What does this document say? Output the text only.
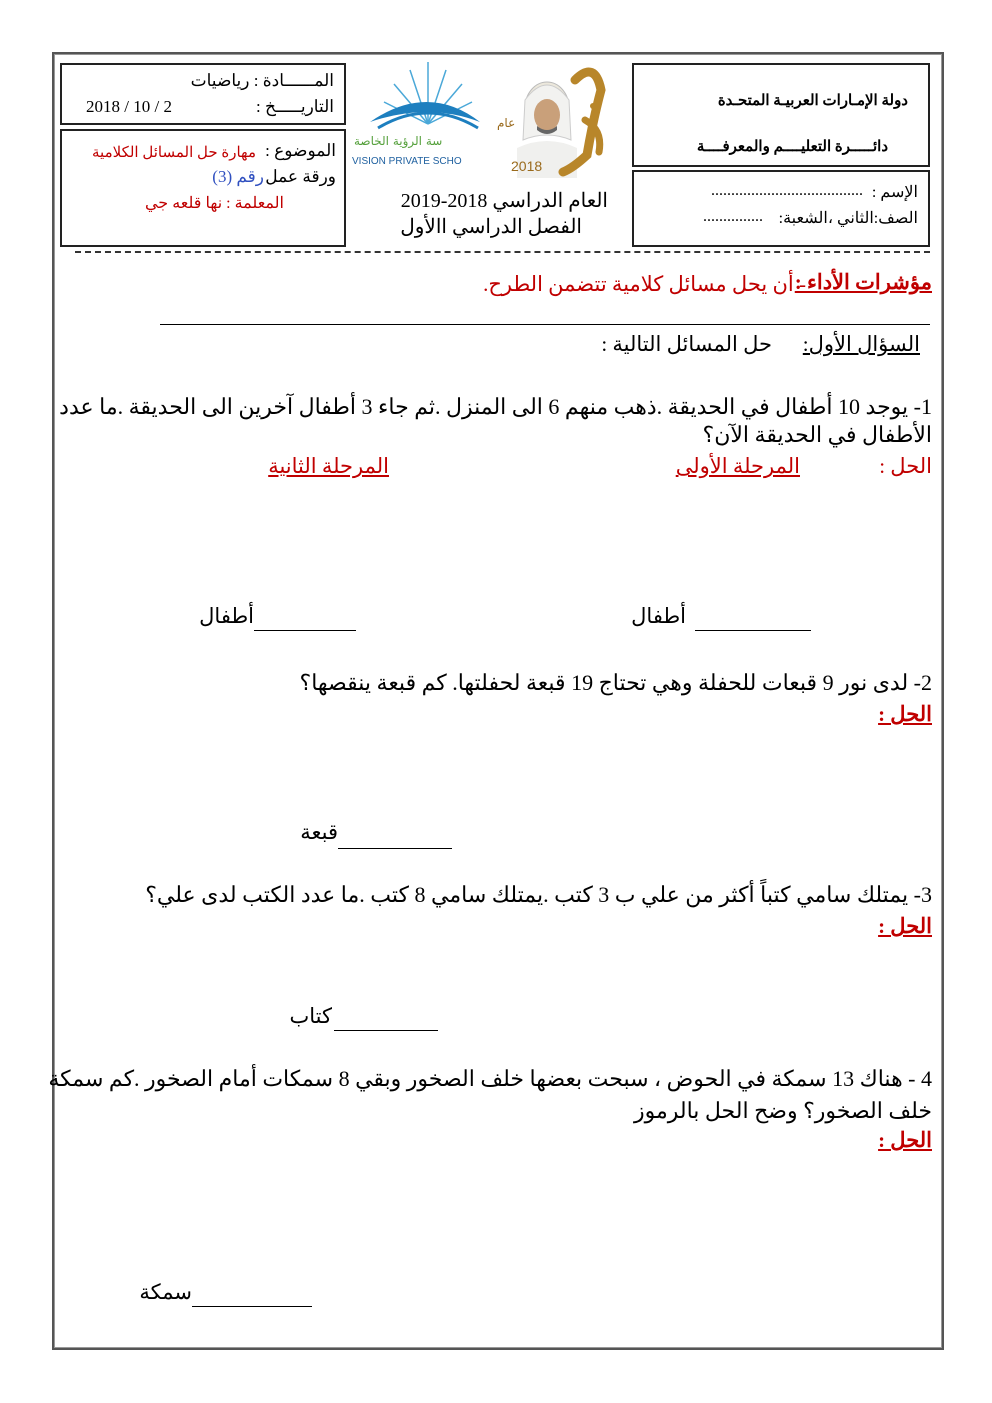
دولة الإمـارات العربيـة المتحـدة
دائـــــرة التعليــــم والمعرفــــة
الإسم :
......................................
الصف:الثاني ،الشعبة:
...............
عام
2018
سة الرؤية الخاصة
VISION PRIVATE SCHO
العام الدراسي 2018-2019
الفصل الدراسي االأول
المــــــادة : رياضيات
التاريـــــخ :
2018 / 10 / 2
الموضوع :
مهارة حل المسائل الكلامية
ورقة عمل
رقم (3)
المعلمة : نها قلعه جي
مؤشرات الأداء :
- أن يحل مسائل كلامية تتضمن الطرح.
السؤال الأول:
حل المسائل التالية :
1- يوجد 10 أطفال في الحديقة .ذهب منهم 6 الى المنزل .ثم جاء 3 أطفال آخرين الى الحديقة .ما عدد
الأطفال في الحديقة الآن؟
الحل :
المرحلة الأولى
المرحلة الثانية
أطفال
أطفال
2- لدى نور 9 قبعات للحفلة وهي تحتاج 19 قبعة لحفلتها. كم قبعة ينقصها؟
الحل :
قبعة
3- يمتلك سامي كتباً أكثر من علي ب 3 كتب .يمتلك سامي 8 كتب .ما عدد الكتب لدى علي؟
الحل :
كتاب
4 - هناك 13 سمكة في الحوض ، سبحت بعضها خلف الصخور وبقي 8 سمكات أمام الصخور .كم سمكة
خلف الصخور؟ وضح الحل بالرموز
الحل :
سمكة
